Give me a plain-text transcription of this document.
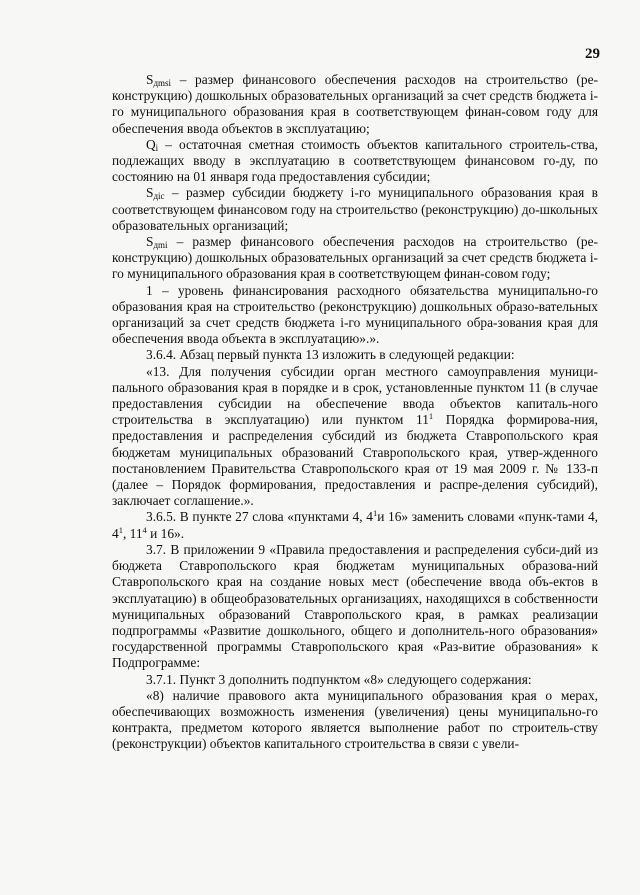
29

$S_{дmsi}$ – размер финансового обеспечения расходов на строительство (ре-конструкцию) дошкольных образовательных организаций за счет средств бюджета i-го муниципального образования края в соответствующем финан-совом году для обеспечения ввода объектов в эксплуатацию;

$Q_i$ – остаточная сметная стоимость объектов капитального строитель-ства, подлежащих вводу в эксплуатацию в соответствующем финансовом го-ду, по состоянию на 01 января года предоставления субсидии;

$S_{дic}$ – размер субсидии бюджету i-го муниципального образования края в соответствующем финансовом году на строительство (реконструкцию) до-школьных образовательных организаций;

$S_{дmi}$ – размер финансового обеспечения расходов на строительство (ре-конструкцию) дошкольных образовательных организаций за счет средств бюджета i-го муниципального образования края в соответствующем финан-совом году;

1 – уровень финансирования расходного обязательства муниципально-го образования края на строительство (реконструкцию) дошкольных образо-вательных организаций за счет средств бюджета i-го муниципального обра-зования края для обеспечения ввода объекта в эксплуатацию».».

3.6.4. Абзац первый пункта 13 изложить в следующей редакции:

«13. Для получения субсидии орган местного самоуправления муници-пального образования края в порядке и в срок, установленные пунктом 11 (в случае предоставления субсидии на обеспечение ввода объектов капиталь-ного строительства в эксплуатацию) или пунктом $11^1$ Порядка формирова-ния, предоставления и распределения субсидий из бюджета Ставропольского края бюджетам муниципальных образований Ставропольского края, утвер-жденного постановлением Правительства Ставропольского края от 19 мая 2009 г. № 133-п (далее – Порядок формирования, предоставления и распре-деления субсидий), заключает соглашение.».

3.6.5. В пункте 27 слова «пунктами 4, $4^1и$ 16» заменить словами «пунк-тами 4, $4^1$, $11^4$ и 16».

3.7. В приложении 9 «Правила предоставления и распределения субси-дий из бюджета Ставропольского края бюджетам муниципальных образова-ний Ставропольского края на создание новых мест (обеспечение ввода объ-ектов в эксплуатацию) в общеобразовательных организациях, находящихся в собственности муниципальных образований Ставропольского края, в рамках реализации подпрограммы «Развитие дошкольного, общего и дополнитель-ного образования» государственной программы Ставропольского края «Раз-витие образования» к Подпрограмме:

3.7.1. Пункт 3 дополнить подпунктом «8» следующего содержания:

«8) наличие правового акта муниципального образования края о мерах, обеспечивающих возможность изменения (увеличения) цены муниципально-го контракта, предметом которого является выполнение работ по строитель-ству (реконструкции) объектов капитального строительства в связи с увели-
